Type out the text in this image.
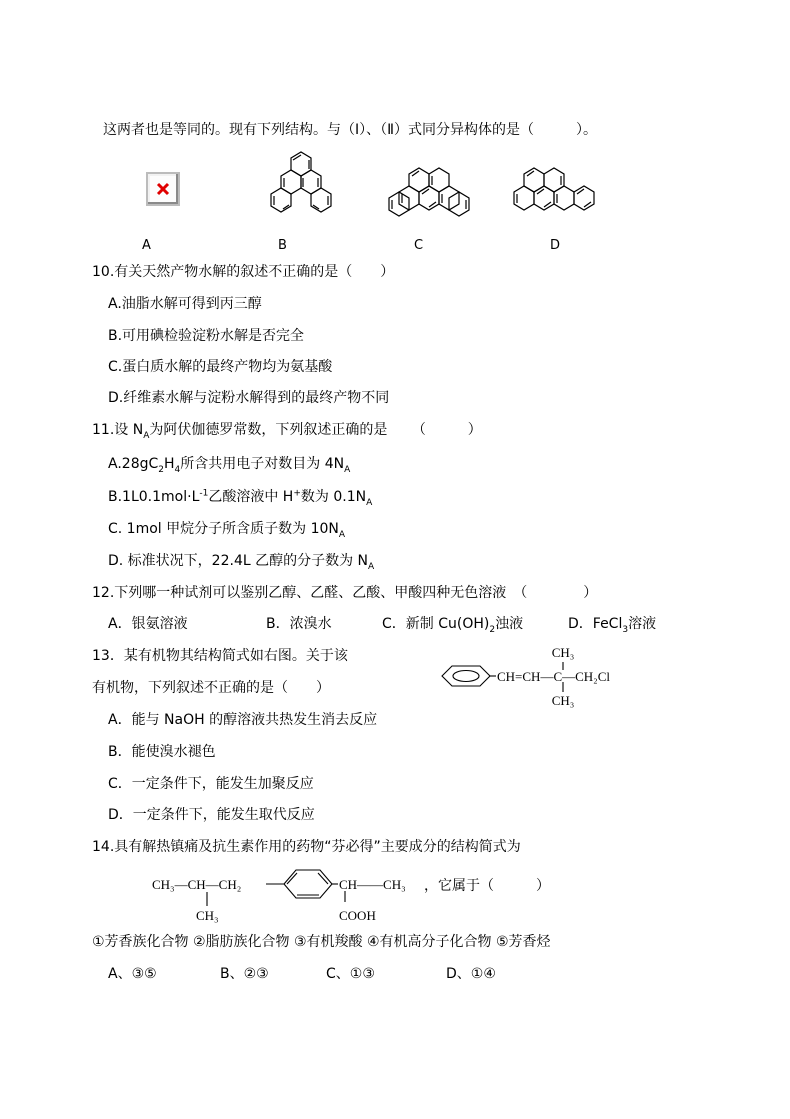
这两者也是等同的。现有下列结构。与（Ⅰ）、（Ⅱ）式同分异构体的是（　　　）。
A	B	C	D
10.有关天然产物水解的叙述不正确的是（　　）
A.油脂水解可得到丙三醇
B.可用碘检验淀粉水解是否完全
C.蛋白质水解的最终产物均为氨基酸
D.纤维素水解与淀粉水解得到的最终产物不同
11.设 $N_A$为阿伏伽德罗常数，下列叙述正确的是 （　　　）
$A.28gC_2H_4$所含共用电子对数目为 $4N_A$
$B.1L0.1mol\cdot L^{-1}$乙酸溶液中 H+数为 $0.1N_A$
C. 1mol 甲烷分子所含质子数为 $10N_A$
D. 标准状况下，22.4L 乙醇的分子数为 $N_A$
12.下列哪一种试剂可以鉴别乙醇、乙醛、乙酸、甲酸四种无色溶液　（　　　　）
A．银氨溶液	B．浓溴水	C．新制 $Cu(OH)_2$浊液	D．FeCl$_3$溶液
13．某有机物其结构简式如右图。关于该
有机物，下列叙述不正确的是（　　）
CH₃
CH=CH—C—CH₂Cl
CH₃
A．能与 NaOH 的醇溶液共热发生消去反应
B．能使溴水褪色
C．一定条件下，能发生加聚反应
D．一定条件下，能发生取代反应
14.具有解热镇痛及抗生素作用的药物“芬必得”主要成分的结构简式为
CH₃—CH—CH₂
CH₃
CH——CH₃
COOH
，它属于（　　　）
①芳香族化合物 ②脂肪族化合物 ③有机羧酸 ④有机高分子化合物 ⑤芳香烃
A、③⑤	B、②③	C、①③	D、①④
